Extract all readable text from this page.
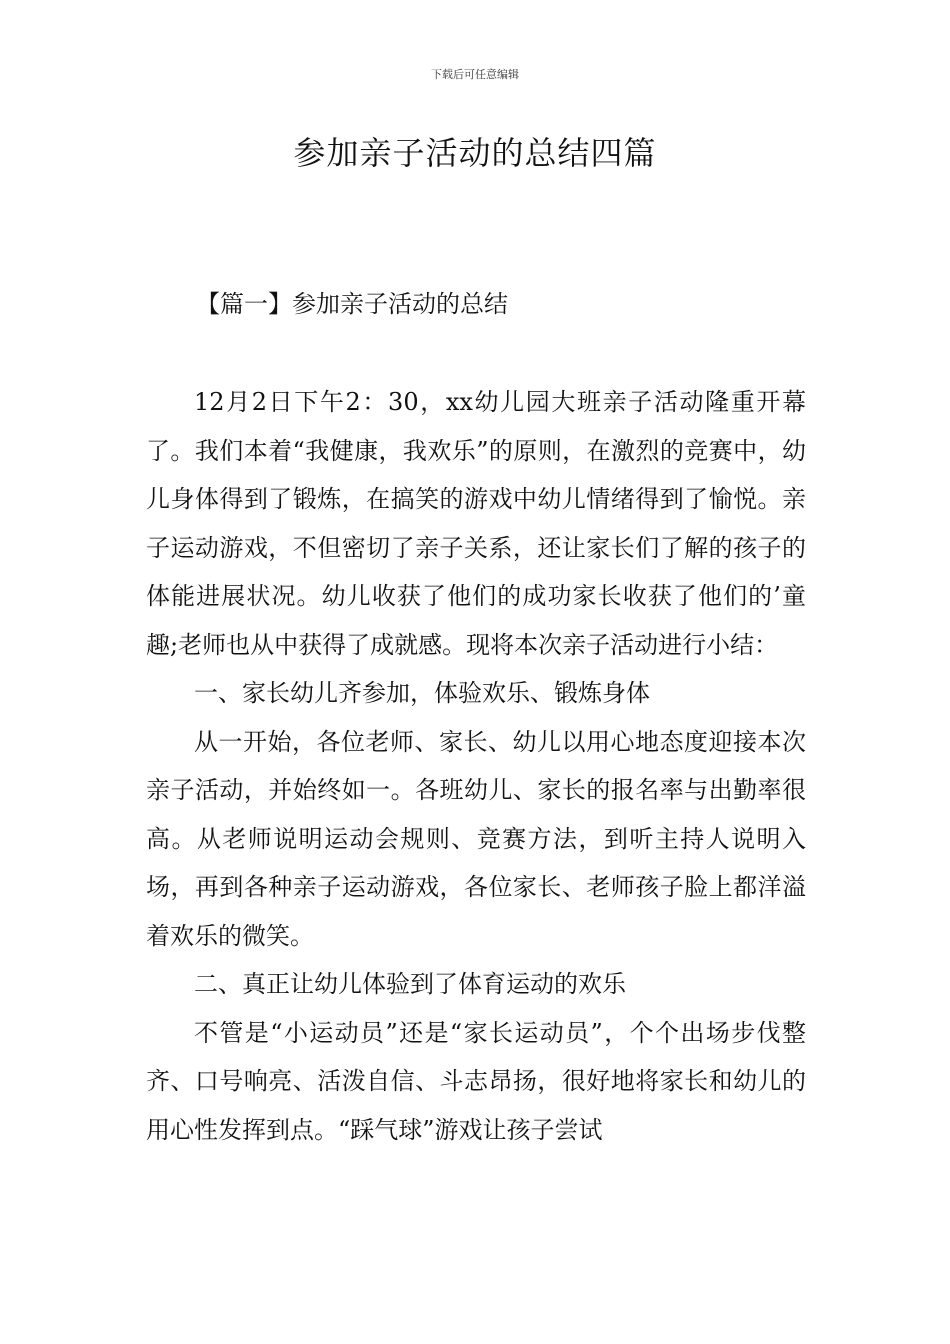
下载后可任意编辑
参加亲子活动的总结四篇
【篇一】参加亲子活动的总结

12月2日下午2：30，xx幼儿园大班亲子活动隆重开幕了。我们本着“我健康，我欢乐”的原则，在激烈的竞赛中，幼儿身体得到了锻炼，在搞笑的游戏中幼儿情绪得到了愉悦。亲子运动游戏，不但密切了亲子关系，还让家长们了解的孩子的体能进展状况。幼儿收获了他们的成功家长收获了他们的’童趣;老师也从中获得了成就感。现将本次亲子活动进行小结：

一、家长幼儿齐参加，体验欢乐、锻炼身体

从一开始，各位老师、家长、幼儿以用心地态度迎接本次亲子活动，并始终如一。各班幼儿、家长的报名率与出勤率很高。从老师说明运动会规则、竞赛方法，到听主持人说明入场，再到各种亲子运动游戏，各位家长、老师孩子脸上都洋溢着欢乐的微笑。

二、真正让幼儿体验到了体育运动的欢乐

不管是“小运动员”还是“家长运动员”，个个出场步伐整齐、口号响亮、活泼自信、斗志昂扬，很好地将家长和幼儿的用心性发挥到点。“踩气球”游戏让孩子尝试
